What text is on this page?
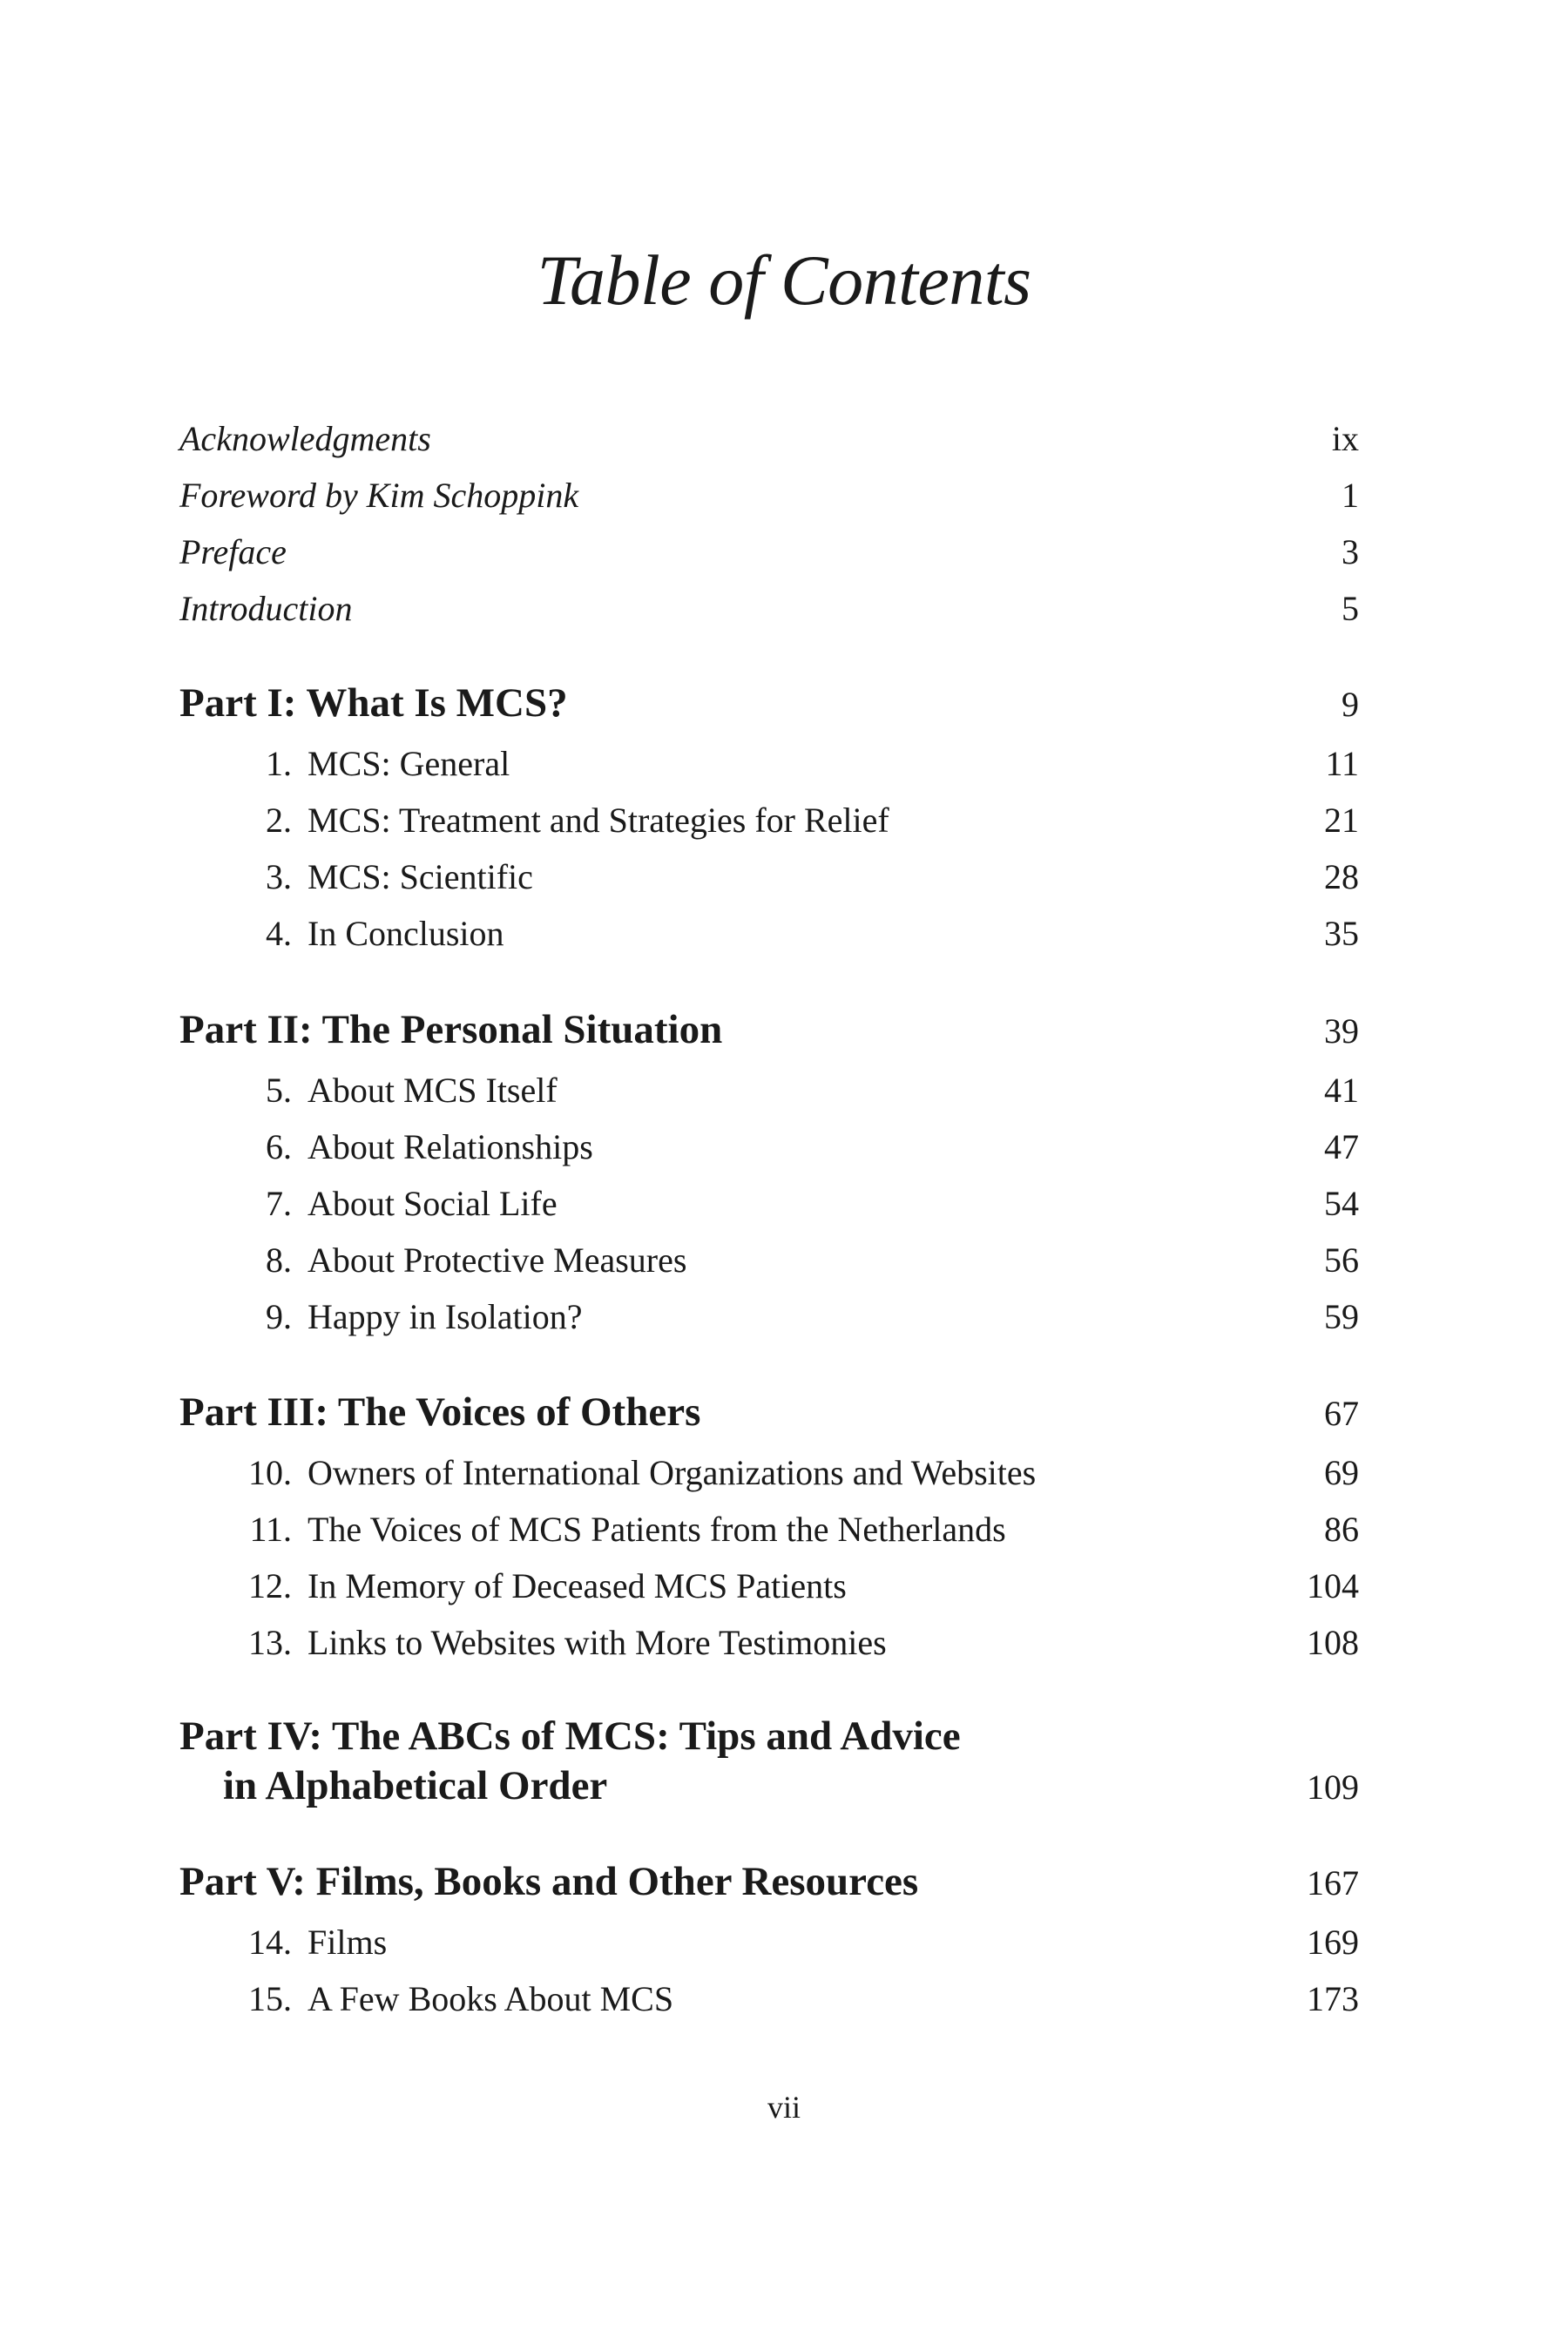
Table of Contents
Acknowledgments	ix
Foreword by Kim Schoppink	1
Preface	3
Introduction	5
Part I: What Is MCS?	9
1. MCS: General	11
2. MCS: Treatment and Strategies for Relief	21
3. MCS: Scientific	28
4. In Conclusion	35
Part II: The Personal Situation	39
5. About MCS Itself	41
6. About Relationships	47
7. About Social Life	54
8. About Protective Measures	56
9. Happy in Isolation?	59
Part III: The Voices of Others	67
10. Owners of International Organizations and Websites	69
11. The Voices of MCS Patients from the Netherlands	86
12. In Memory of Deceased MCS Patients	104
13. Links to Websites with More Testimonies	108
Part IV: The ABCs of MCS: Tips and Advice
in Alphabetical Order	109
Part V: Films, Books and Other Resources	167
14. Films	169
15. A Few Books About MCS	173
vii
